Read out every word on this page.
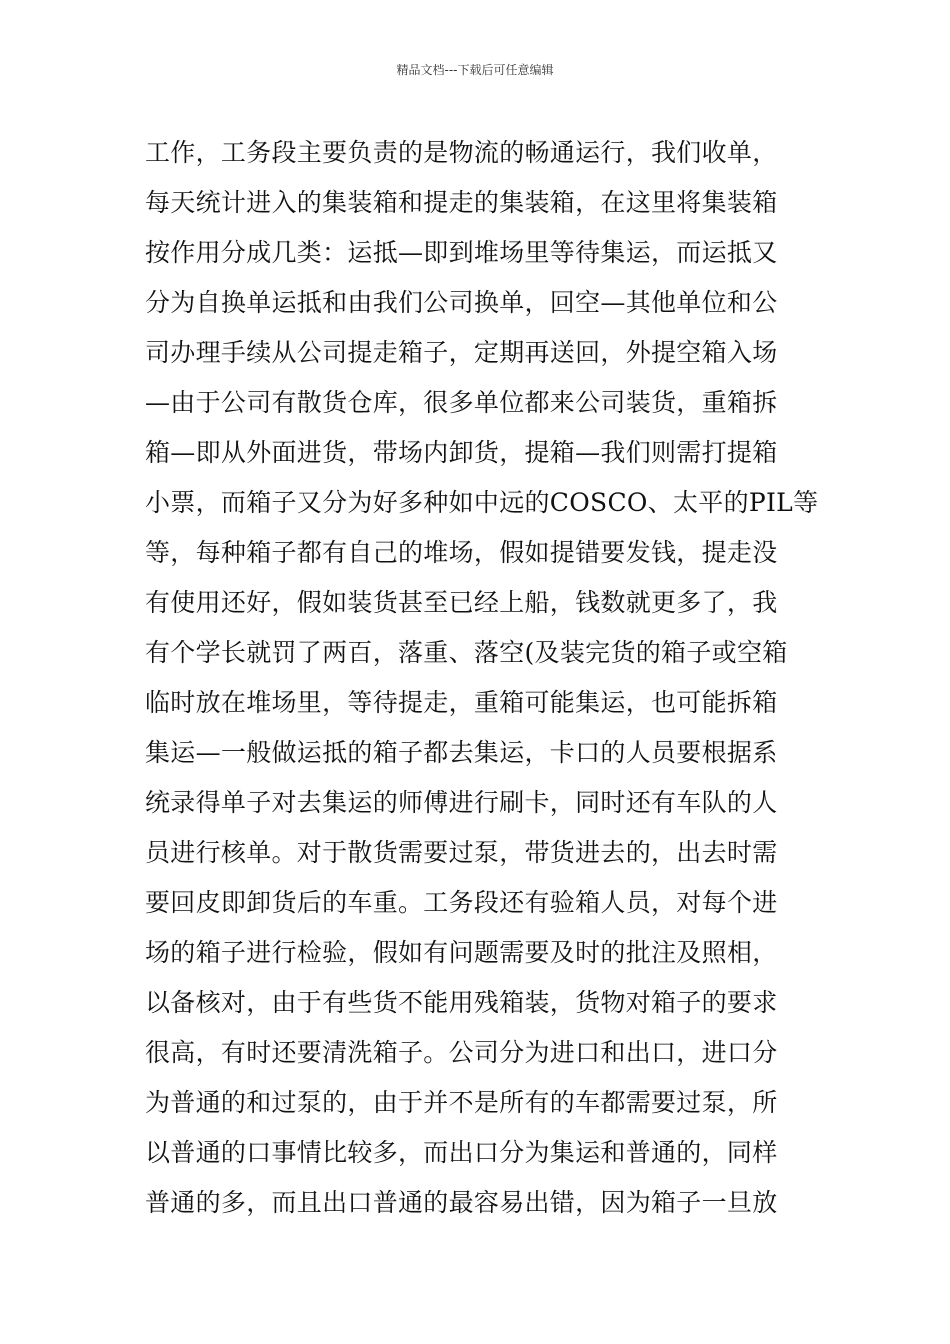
精品文档---下载后可任意编辑
工作，工务段主要负责的是物流的畅通运行，我们收单，
每天统计进入的集装箱和提走的集装箱，在这里将集装箱
按作用分成几类：运抵—即到堆场里等待集运，而运抵又
分为自换单运抵和由我们公司换单，回空—其他单位和公
司办理手续从公司提走箱子，定期再送回，外提空箱入场
—由于公司有散货仓库，很多单位都来公司装货，重箱拆
箱—即从外面进货，带场内卸货，提箱—我们则需打提箱
小票，而箱子又分为好多种如中远的COSCO、太平的PIL等
等，每种箱子都有自己的堆场，假如提错要发钱，提走没
有使用还好，假如装货甚至已经上船，钱数就更多了，我
有个学长就罚了两百，落重、落空(及装完货的箱子或空箱
临时放在堆场里，等待提走，重箱可能集运，也可能拆箱
集运—一般做运抵的箱子都去集运，卡口的人员要根据系
统录得单子对去集运的师傅进行刷卡，同时还有车队的人
员进行核单。对于散货需要过泵，带货进去的，出去时需
要回皮即卸货后的车重。工务段还有验箱人员，对每个进
场的箱子进行检验，假如有问题需要及时的批注及照相，
以备核对，由于有些货不能用残箱装，货物对箱子的要求
很高，有时还要清洗箱子。公司分为进口和出口，进口分
为普通的和过泵的，由于并不是所有的车都需要过泵，所
以普通的口事情比较多，而出口分为集运和普通的，同样
普通的多，而且出口普通的最容易出错，因为箱子一旦放
